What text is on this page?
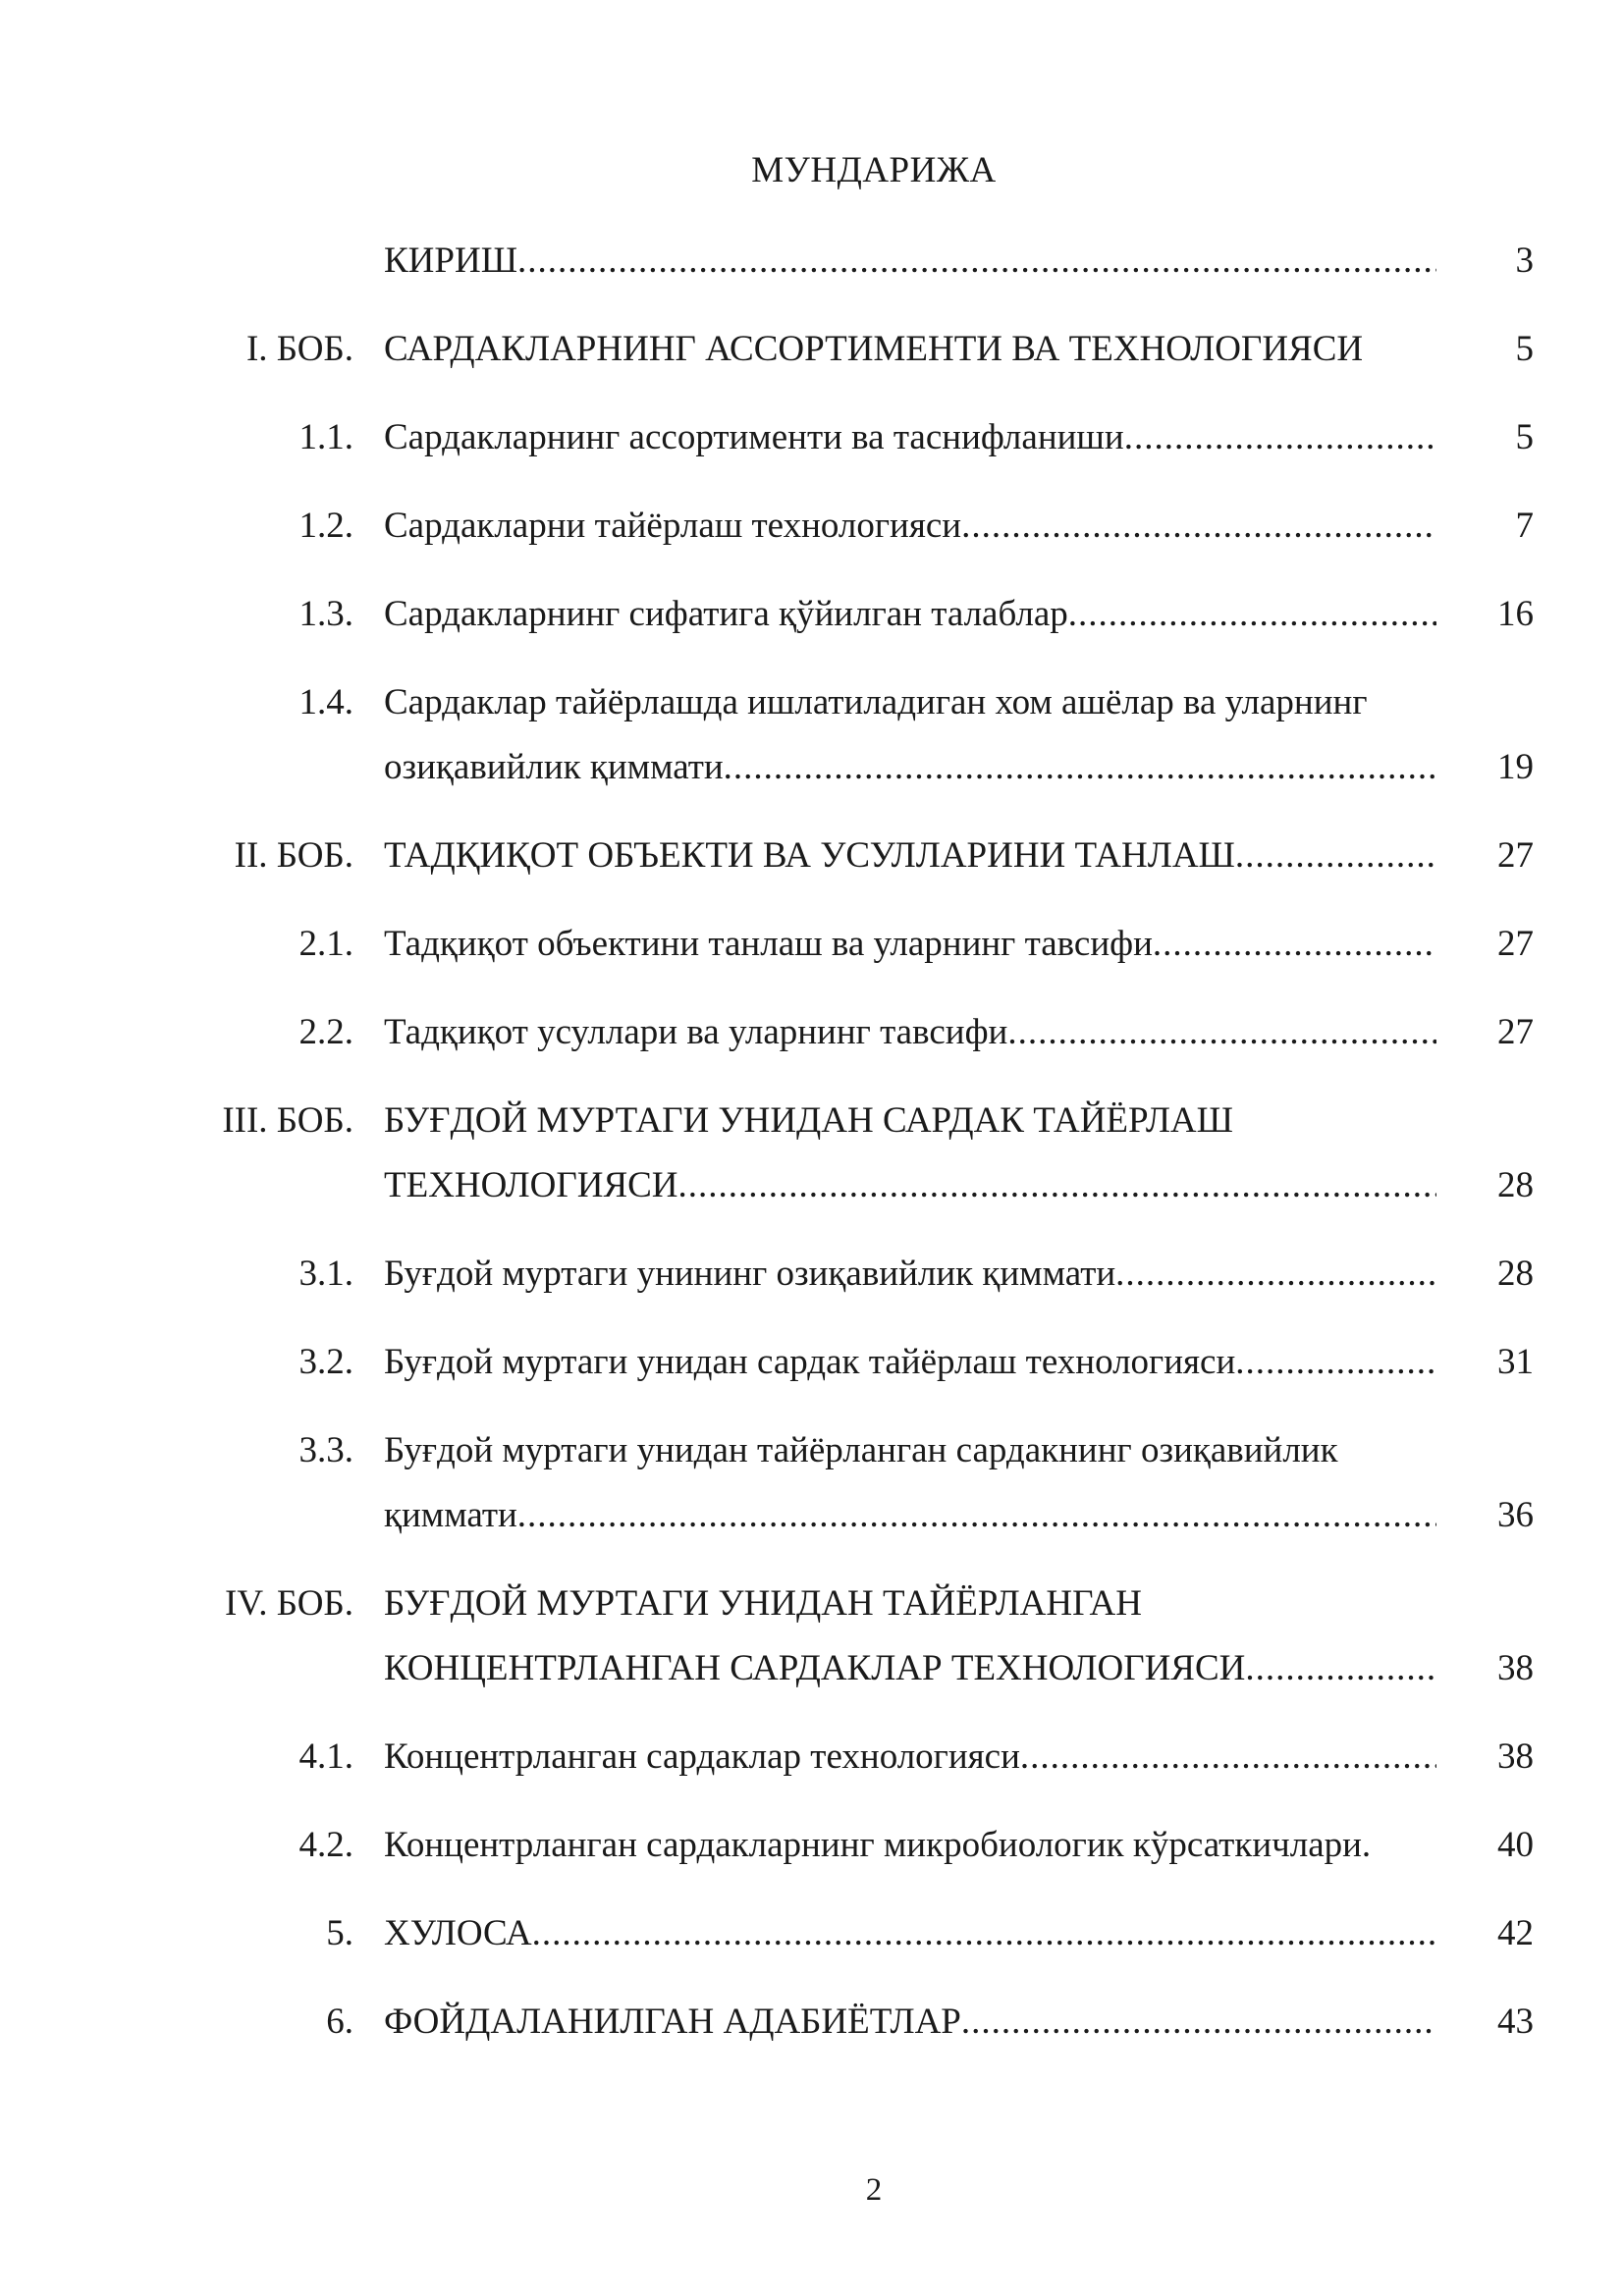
МУНДАРИЖА
КИРИШ .....	3
I. БОБ. САРДАКЛАРНИНГ АССОРТИМЕНТИ ВА ТЕХНОЛОГИЯСИ	5
1.1. Сардакларнинг ассортименти ва таснифланиши .....	5
1.2. Сардакларни тайёрлаш технологияси .....	7
1.3. Сардакларнинг сифатига қўйилган талаблар .....	16
1.4. Сардаклар тайёрлашда ишлатиладиган хом ашёлар ва уларнинг
озиқавийлик қиммати .....	19
II. БОБ. ТАДҚИҚОТ ОБЪЕКТИ ВА УСУЛЛАРИНИ ТАНЛАШ .....	27
2.1. Тадқиқот объектини танлаш ва уларнинг тавсифи .....	27
2.2. Тадқиқот усуллари ва уларнинг тавсифи .....	27
III. БОБ. БУҒДОЙ МУРТАГИ УНИДАН САРДАК ТАЙЁРЛАШ
ТЕХНОЛОГИЯСИ .....	28
3.1. Буғдой муртаги унининг озиқавийлик қиммати .....	28
3.2. Буғдой муртаги унидан сардак тайёрлаш технологияси .....	31
3.3. Буғдой муртаги унидан тайёрланган сардакнинг озиқавийлик
қиммати .....	36
IV. БОБ. БУҒДОЙ МУРТАГИ УНИДАН ТАЙЁРЛАНГАН
КОНЦЕНТРЛАНГАН САРДАКЛАР ТЕХНОЛОГИЯСИ .....	38
4.1. Концентрланган сардаклар технологияси .....	38
4.2. Концентрланган сардакларнинг микробиологик кўрсаткичлари.	40
5. ХУЛОСА .....	42
6. ФОЙДАЛАНИЛГАН АДАБИЁТЛАР .....	43
2
